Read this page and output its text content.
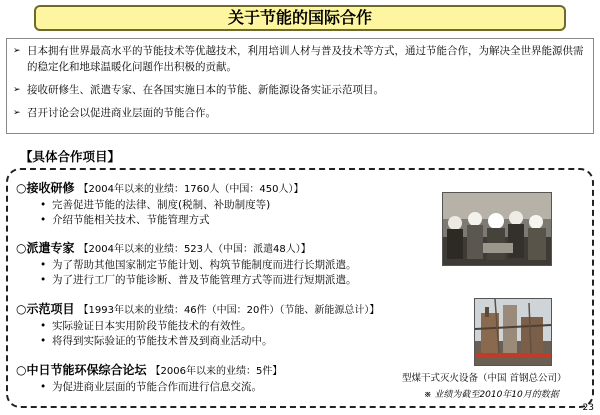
关于节能的国际合作
➢ 日本拥有世界最高水平的节能技术等优越技术，利用培训人材与普及技术等方式，通过节能合作，为解决全世界能源供需的稳定化和地球温暖化问题作出积极的贡献。
➢ 接收研修生、派遣专家、在各国实施日本的节能、新能源设备实证示范项目。
➢ 召开讨论会以促进商业层面的节能合作。
【具体合作项目】
○接收研修 【2004年以来的业绩：1760人（中国：450人）】
• 完善促进节能的法律、制度(税制、补助制度等)
• 介绍节能相关技术、节能管理方式
○派遣专家 【2004年以来的业绩：523人（中国：派遣48人）】
• 为了帮助其他国家制定节能计划、构筑节能制度而进行长期派遣。
• 为了进行工厂的节能诊断、普及节能管理方式等而进行短期派遣。
○示范项目 【1993年以来的业绩：46件（中国：20件）（节能、新能源总计）】
• 实际验证日本实用阶段节能技术的有效性。
• 将得到实际验证的节能技术普及到商业活动中。
○中日节能环保综合论坛 【2006年以来的业绩：5件】
• 为促进商业层面的节能合作而进行信息交流。
型煤干式灭火设备（中国 首钢总公司）
※ 业绩为截至2010年10月的数据
23
